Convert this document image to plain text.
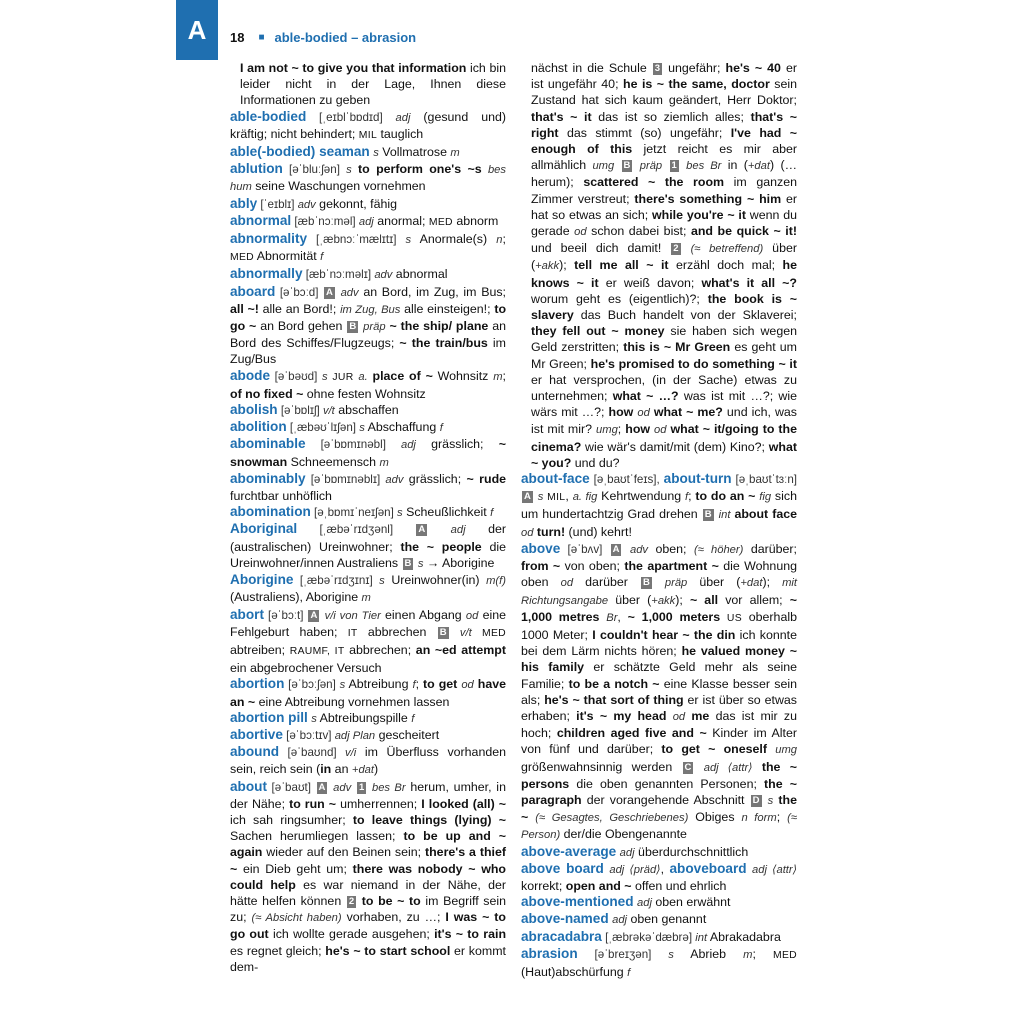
A	18 ■ able-bodied – abrasion
I am not ~ to give you that information ich bin leider nicht in der Lage, Ihnen diese Informationen zu geben
able-bodied [ˌeɪblˈbɒdɪd] adj (gesund und) kräftig; nicht behindert; MIL tauglich
able(-bodied) seaman s Vollmatrose m
ablution [əˈbluːʃən] s to perform one's ~s bes hum seine Waschungen vornehmen
ably [ˈeɪblɪ] adv gekonnt, fähig
abnormal [æbˈnɔːməl] adj anormal; MED abnorm
abnormality [ˌæbnɔːˈmælɪtɪ] s Anormale(s) n; MED Abnormität f
abnormally [æbˈnɔːməlɪ] adv abnormal
aboard [əˈbɔːd] A adv an Bord, im Zug, im Bus; all ~! alle an Bord!; im Zug, Bus alle einsteigen!; to go ~ an Bord gehen B präp ~ the ship/ plane an Bord des Schiffes/Flugzeugs; ~ the train/bus im Zug/Bus
abode [əˈbəʊd] s JUR a. place of ~ Wohnsitz m; of no fixed ~ ohne festen Wohnsitz
abolish [əˈbɒlɪʃ] v/t abschaffen
abolition [ˌæbəʊˈlɪʃən] s Abschaffung f
abominable [əˈbɒmɪnəbl] adj grässlich; ~ snowman Schneemensch m
abominably [əˈbɒmɪnəblɪ] adv grässlich; ~ rude furchtbar unhöflich
abomination [əˌbɒmɪˈneɪʃən] s Scheußlichkeit f
Aboriginal [ˌæbəˈrɪdʒənl] A adj der (australischen) Ureinwohner; the ~ people die Ureinwohner/innen Australiens B s → Aborigine
Aborigine [ˌæbəˈrɪdʒɪnɪ] s Ureinwohner(in) m(f) (Australiens), Aborigine m
abort [əˈbɔːt] A v/i von Tier einen Abgang od eine Fehlgeburt haben; IT abbrechen B v/t MED abtreiben; RAUMF, IT abbrechen; an ~ed attempt ein abgebrochener Versuch
abortion [əˈbɔːʃən] s Abtreibung f; to get od have an ~ eine Abtreibung vornehmen lassen
abortion pill s Abtreibungspille f
abortive [əˈbɔːtɪv] adj Plan gescheitert
abound [əˈbaʊnd] v/i im Überfluss vorhanden sein, reich sein (in an +dat)
about [əˈbaʊt] A adv 1 bes Br herum, umher, in der Nähe; to run ~ umherrennen; I looked (all) ~ ich sah ringsumher; to leave things (lying) ~ Sachen herumliegen lassen; to be up and ~ again wieder auf den Beinen sein; there's a thief ~ ein Dieb geht um; there was nobody ~ who could help es war niemand in der Nähe, der hätte helfen können 2 to be ~ to im Begriff sein zu; (≈ Absicht haben) vorhaben, zu …; I was ~ to go out ich wollte gerade ausgehen; it's ~ to rain es regnet gleich; he's ~ to start school er kommt dem-
nächst in die Schule 3 ungefähr; he's ~ 40 er ist ungefähr 40; he is ~ the same, doctor sein Zustand hat sich kaum geändert, Herr Doktor; that's ~ it das ist so ziemlich alles; that's ~ right das stimmt (so) ungefähr; I've had ~ enough of this jetzt reicht es mir aber allmählich umg B präp 1 bes Br in (+dat) (… herum); scattered ~ the room im ganzen Zimmer verstreut; there's something ~ him er hat so etwas an sich; while you're ~ it wenn du gerade od schon dabei bist; and be quick ~ it! und beeil dich damit! 2 (≈ betreffend) über (+akk); tell me all ~ it erzähl doch mal; he knows ~ it er weiß davon; what's it all ~? worum geht es (eigentlich)?; the book is ~ slavery das Buch handelt von der Sklaverei; they fell out ~ money sie haben sich wegen Geld zerstritten; this is ~ Mr Green es geht um Mr Green; he's promised to do something ~ it er hat versprochen, (in der Sache) etwas zu unternehmen; what ~ …? was ist mit …?; wie wärs mit …?; how od what ~ me? und ich, was ist mit mir? umg; how od what ~ it/going to the cinema? wie wär's damit/mit (dem) Kino?; what ~ you? und du?
about-face [əˌbaʊtˈfeɪs], about-turn [əˌbaʊtˈtɜːn] A s MIL, a. fig Kehrtwendung f; to do an ~ fig sich um hundertachtzig Grad drehen B int about face od turn! (und) kehrt!
above [əˈbʌv] A adv oben; (≈ höher) darüber; from ~ von oben; the apartment ~ die Wohnung oben od darüber B präp über (+dat); mit Richtungsangabe über (+akk); ~ all vor allem; ~ 1,000 metres Br, ~ 1,000 meters US oberhalb 1000 Meter; I couldn't hear ~ the din ich konnte bei dem Lärm nichts hören; he valued money ~ his family er schätzte Geld mehr als seine Familie; to be a notch ~ eine Klasse besser sein als; he's ~ that sort of thing er ist über so etwas erhaben; it's ~ my head od me das ist mir zu hoch; children aged five and ~ Kinder im Alter von fünf und darüber; to get ~ oneself umg größenwahnsinnig werden C adj ⟨attr⟩ the ~ persons die oben genannten Personen; the ~ paragraph der vorangehende Abschnitt D s the ~ (≈ Gesagtes, Geschriebenes) Obiges n form; (≈ Person) der/die Obengenannte
above-average adj überdurchschnittlich
above board adj ⟨präd⟩, aboveboard adj ⟨attr⟩ korrekt; open and ~ offen und ehrlich
above-mentioned adj oben erwähnt
above-named adj oben genannt
abracadabra [ˌæbrəkəˈdæbrə] int Abrakadabra
abrasion [əˈbreɪʒən] s Abrieb m; MED (Haut)abschürfung f
